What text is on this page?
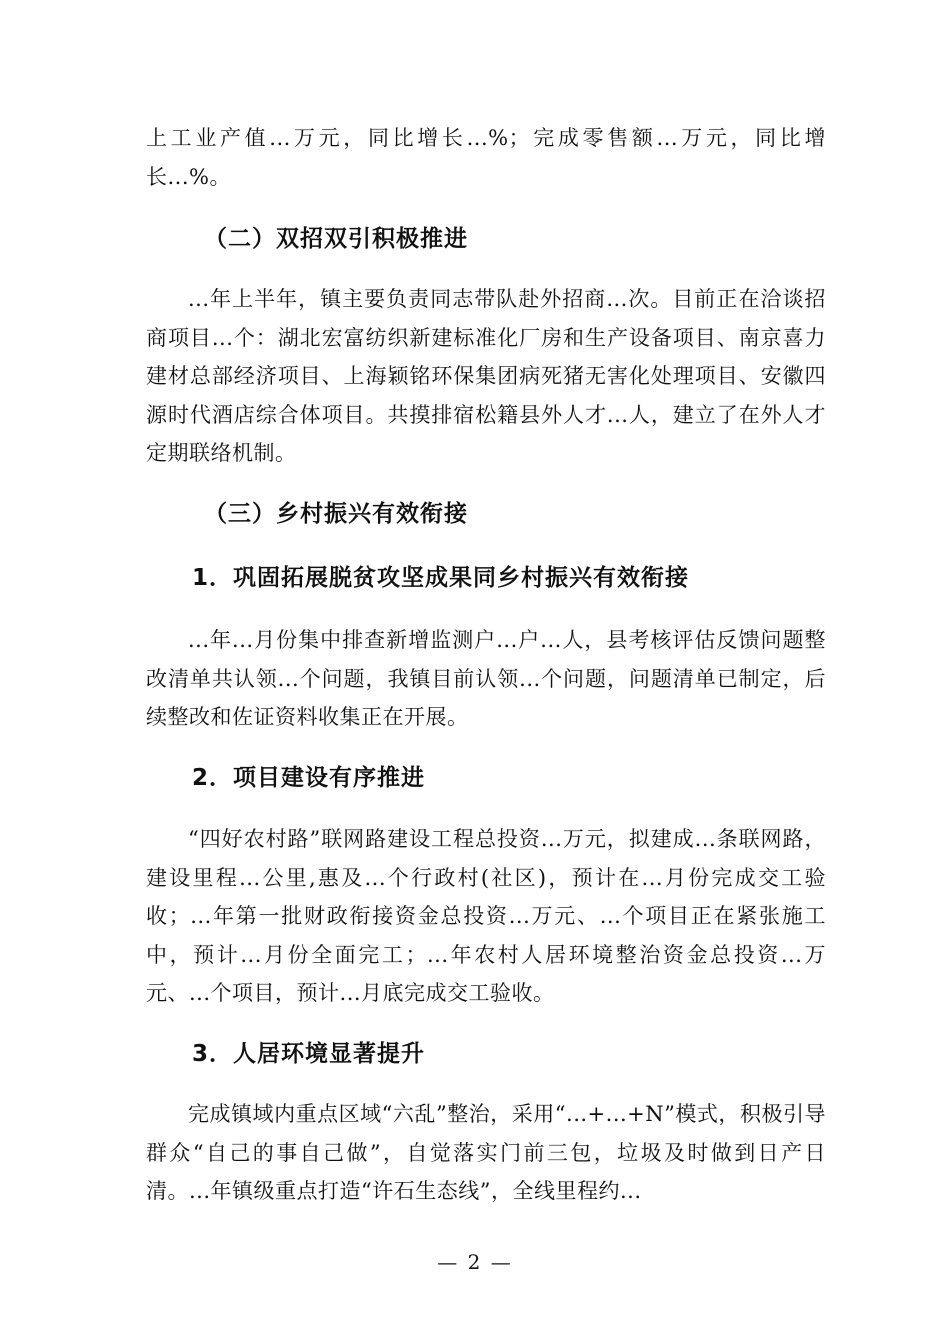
上工业产值...万元，同比增长...%；完成零售额...万元，同比增长...%。

（二）双招双引积极推进

...年上半年，镇主要负责同志带队赴外招商...次。目前正在洽谈招商项目...个：湖北宏富纺织新建标准化厂房和生产设备项目、南京喜力建材总部经济项目、上海颖铭环保集团病死猪无害化处理项目、安徽四源时代酒店综合体项目。共摸排宿松籍县外人才...人，建立了在外人才定期联络机制。

（三）乡村振兴有效衔接
1．巩固拓展脱贫攻坚成果同乡村振兴有效衔接

...年...月份集中排查新增监测户...户...人，县考核评估反馈问题整改清单共认领...个问题，我镇目前认领...个问题，问题清单已制定，后续整改和佐证资料收集正在开展。

2．项目建设有序推进

“四好农村路”联网路建设工程总投资...万元，拟建成...条联网路，建设里程...公里,惠及...个行政村(社区)，预计在...月份完成交工验收；...年第一批财政衔接资金总投资...万元、...个项目正在紧张施工中，预计...月份全面完工；...年农村人居环境整治资金总投资...万元、...个项目，预计...月底完成交工验收。

3．人居环境显著提升

完成镇域内重点区域“六乱”整治，采用“...+...+N”模式，积极引导群众“自己的事自己做”，自觉落实门前三包，垃圾及时做到日产日清。...年镇级重点打造“许石生态线”，全线里程约...

— 2 —
